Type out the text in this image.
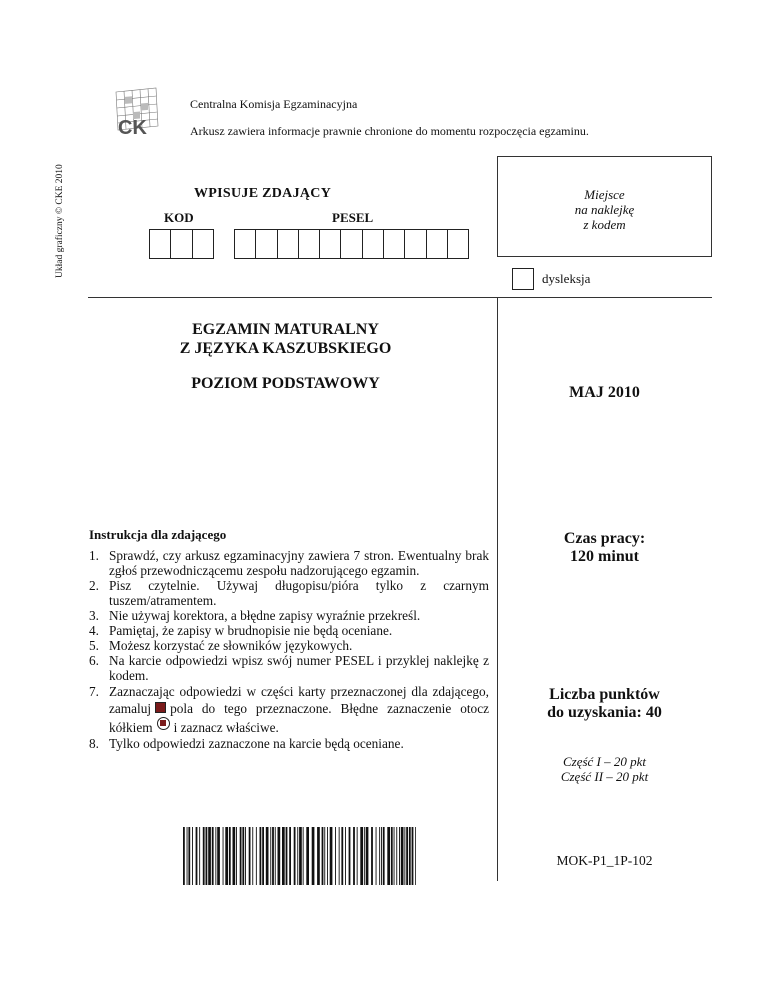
CK
Centralna Komisja Egzaminacyjna
Arkusz zawiera informacje prawnie chronione do momentu rozpoczęcia egzaminu.
Układ graficzny © CKE 2010	WPISUJE ZDAJĄCY
KOD	PESEL
Miejsce
na naklejkę
z kodem
dysleksja
EGZAMIN MATURALNY
Z JĘZYKA KASZUBSKIEGO
POZIOM PODSTAWOWY
MAJ 2010
Czas pracy:
120 minut
Liczba punktów
do uzyskania: 40
Część I – 20 pkt
Część II – 20 pkt
MOK-P1_1P-102
Instrukcja dla zdającego
1. Sprawdź, czy arkusz egzaminacyjny zawiera 7 stron. Ewentualny brak zgłoś przewodniczącemu zespołu nadzorującego egzamin.
2. Pisz czytelnie. Używaj długopisu/pióra tylko z czarnym tuszem/atramentem.
3. Nie używaj korektora, a błędne zapisy wyraźnie przekreśl.
4. Pamiętaj, że zapisy w brudnopisie nie będą oceniane.
5. Możesz korzystać ze słowników językowych.
6. Na karcie odpowiedzi wpisz swój numer PESEL i przyklej naklejkę z kodem.
7. Zaznaczając odpowiedzi w części karty przeznaczonej dla zdającego, zamaluj pola do tego przeznaczone. Błędne zaznaczenie otocz kółkiem i zaznacz właściwe.
8. Tylko odpowiedzi zaznaczone na karcie będą oceniane.
